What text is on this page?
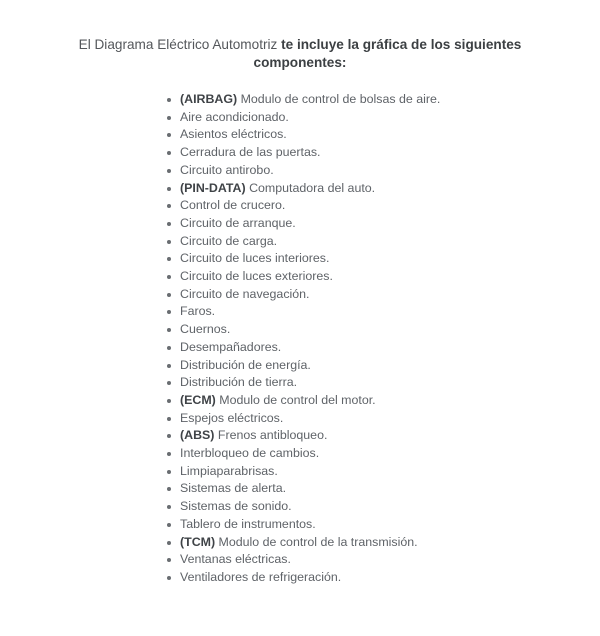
El Diagrama Eléctrico Automotriz te incluye la gráfica de los siguientes
componentes:
(AIRBAG) Modulo de control de bolsas de aire.
Aire acondicionado.
Asientos eléctricos.
Cerradura de las puertas.
Circuito antirobo.
(PIN-DATA) Computadora del auto.
Control de crucero.
Circuito de arranque.
Circuito de carga.
Circuito de luces interiores.
Circuito de luces exteriores.
Circuito de navegación.
Faros.
Cuernos.
Desempañadores.
Distribución de energía.
Distribución de tierra.
(ECM) Modulo de control del motor.
Espejos eléctricos.
(ABS) Frenos antibloqueo.
Interbloqueo de cambios.
Limpiaparabrisas.
Sistemas de alerta.
Sistemas de sonido.
Tablero de instrumentos.
(TCM) Modulo de control de la transmisión.
Ventanas eléctricas.
Ventiladores de refrigeración.
